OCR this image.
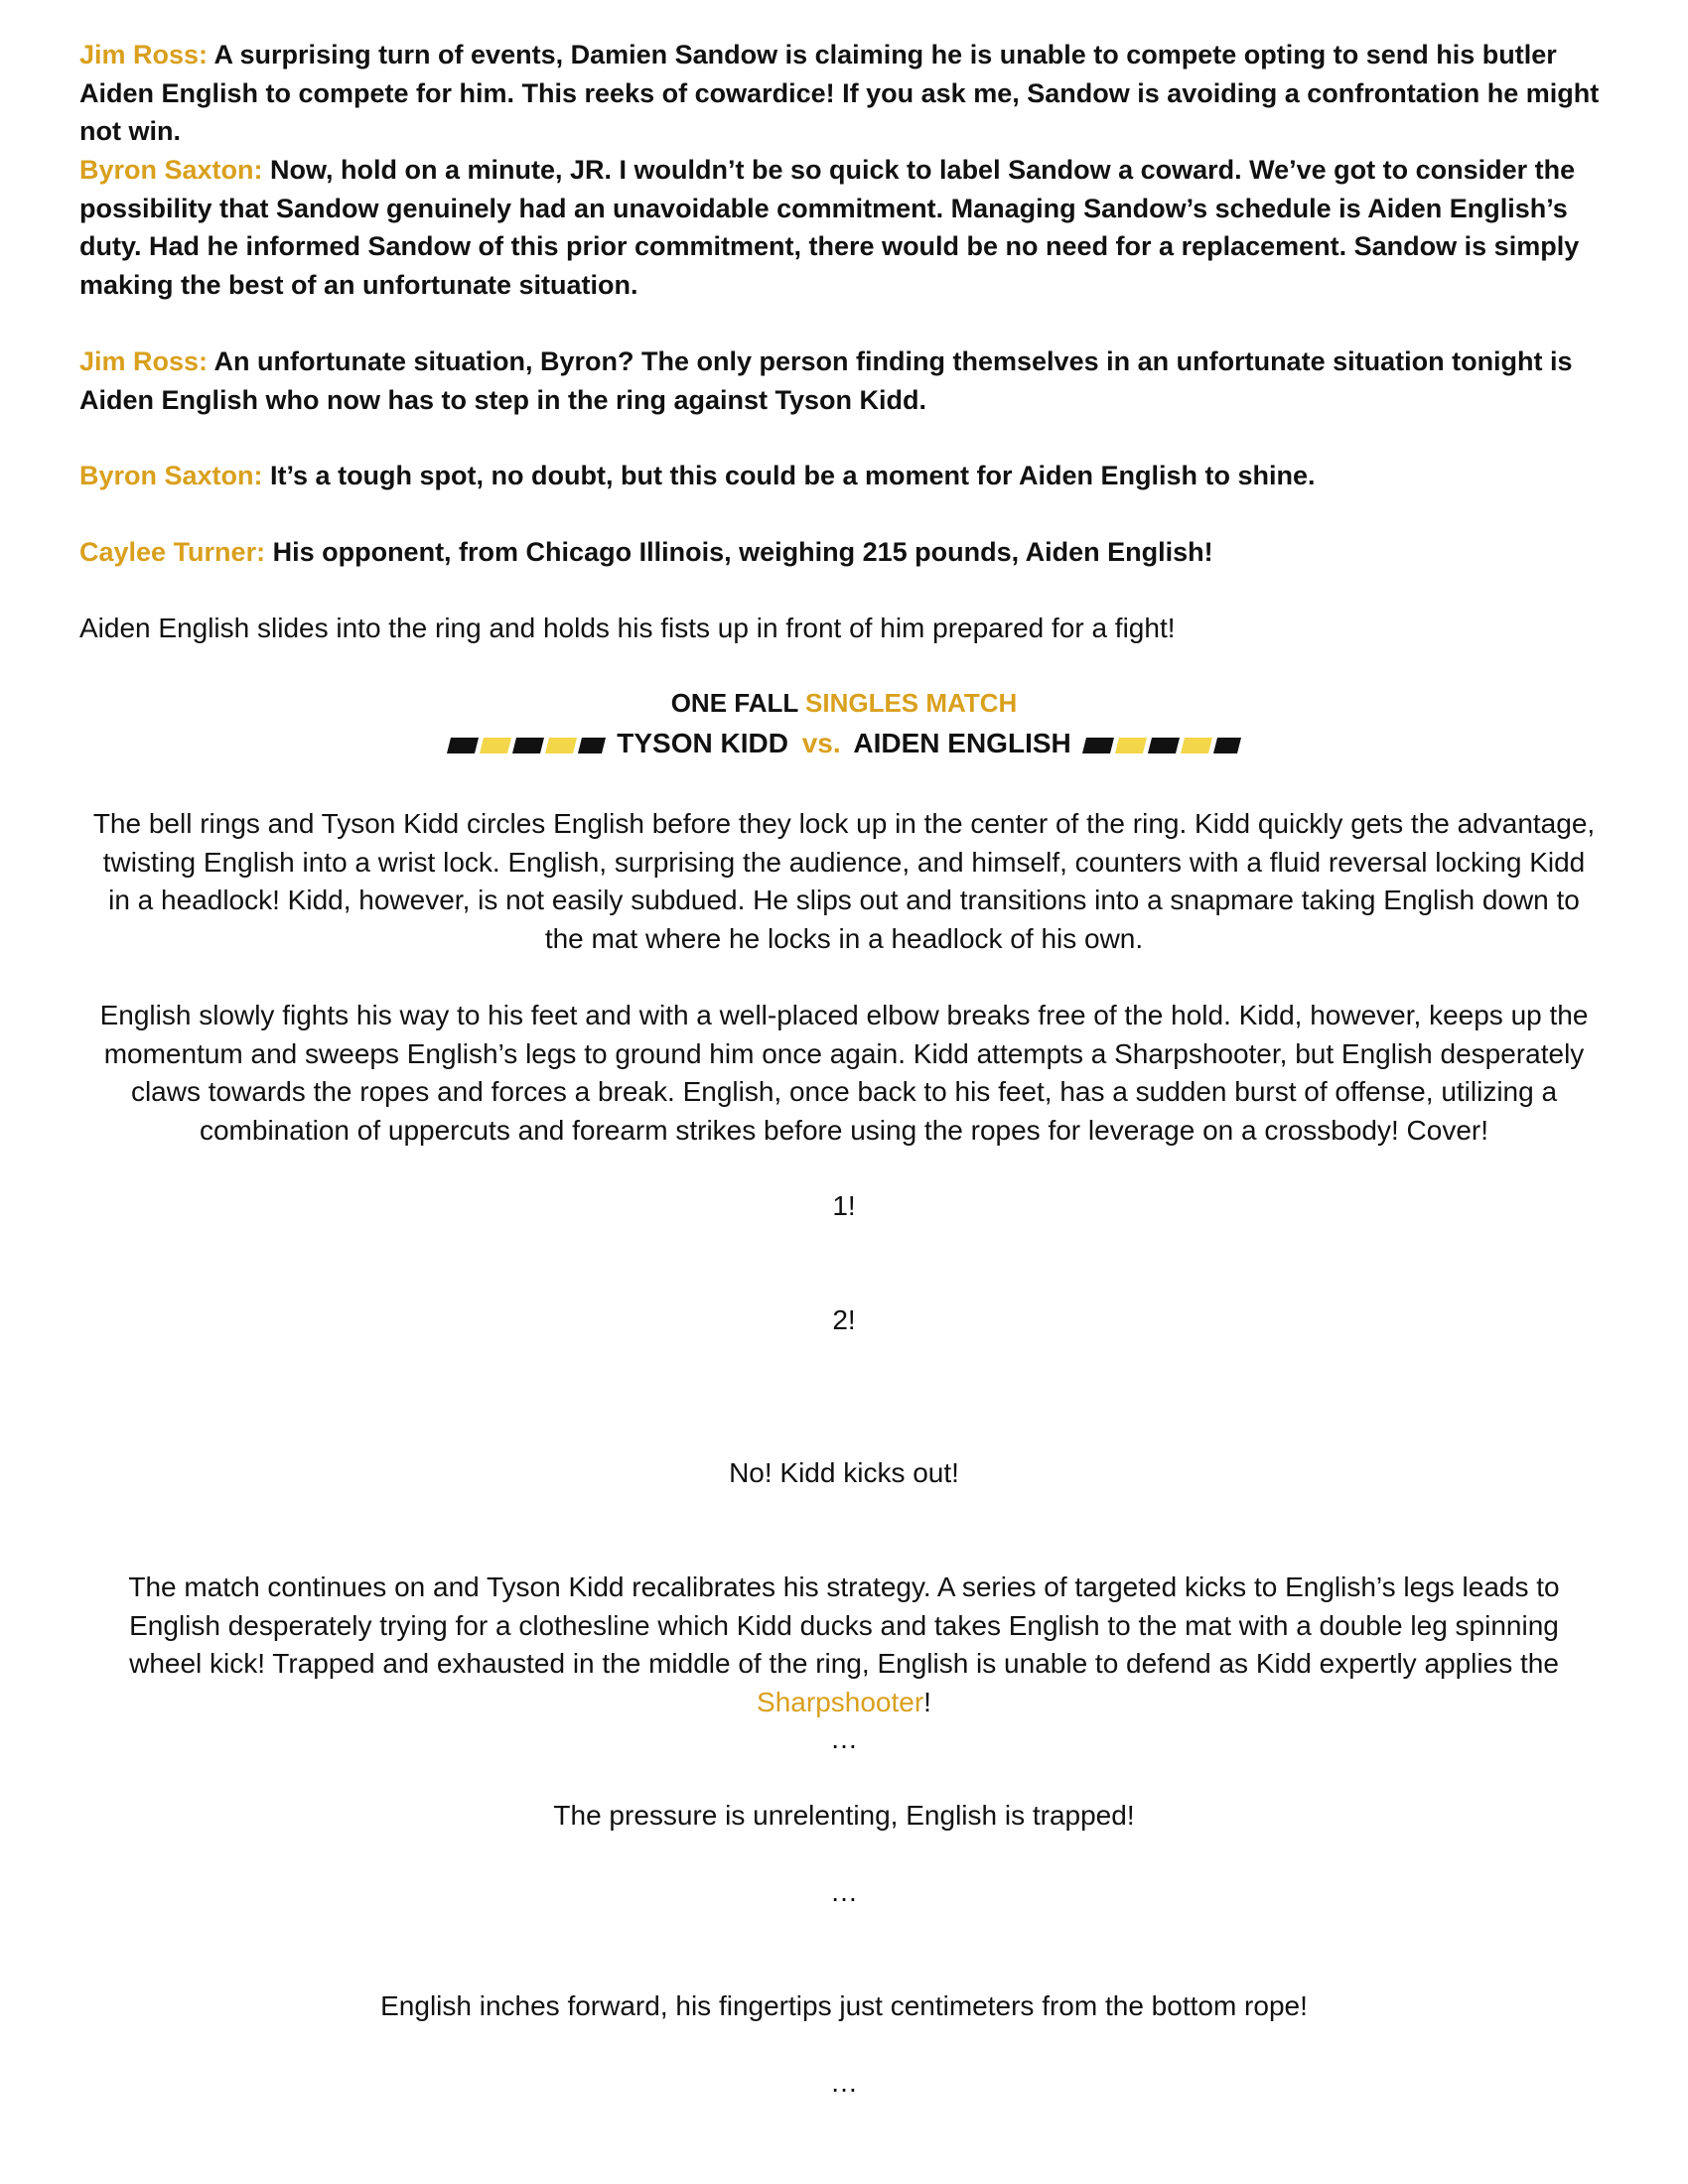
Jim Ross: A surprising turn of events, Damien Sandow is claiming he is unable to compete opting to send his butler Aiden English to compete for him. This reeks of cowardice! If you ask me, Sandow is avoiding a confrontation he might not win.

Byron Saxton: Now, hold on a minute, JR. I wouldn’t be so quick to label Sandow a coward. We’ve got to consider the possibility that Sandow genuinely had an unavoidable commitment. Managing Sandow’s schedule is Aiden English’s duty. Had he informed Sandow of this prior commitment, there would be no need for a replacement. Sandow is simply making the best of an unfortunate situation.

Jim Ross: An unfortunate situation, Byron? The only person finding themselves in an unfortunate situation tonight is Aiden English who now has to step in the ring against Tyson Kidd.

Byron Saxton: It’s a tough spot, no doubt, but this could be a moment for Aiden English to shine.

Caylee Turner: His opponent, from Chicago Illinois, weighing 215 pounds, Aiden English!

Aiden English slides into the ring and holds his fists up in front of him prepared for a fight!

ONE FALL SINGLES MATCH

TYSON KIDD vs. AIDEN ENGLISH

The bell rings and Tyson Kidd circles English before they lock up in the center of the ring. Kidd quickly gets the advantage, twisting English into a wrist lock. English, surprising the audience, and himself, counters with a fluid reversal locking Kidd in a headlock! Kidd, however, is not easily subdued. He slips out and transitions into a snapmare taking English down to the mat where he locks in a headlock of his own.

English slowly fights his way to his feet and with a well-placed elbow breaks free of the hold. Kidd, however, keeps up the momentum and sweeps English’s legs to ground him once again. Kidd attempts a Sharpshooter, but English desperately claws towards the ropes and forces a break. English, once back to his feet, has a sudden burst of offense, utilizing a combination of uppercuts and forearm strikes before using the ropes for leverage on a crossbody! Cover!

1!

2!

No! Kidd kicks out!

The match continues on and Tyson Kidd recalibrates his strategy. A series of targeted kicks to English’s legs leads to English desperately trying for a clothesline which Kidd ducks and takes English to the mat with a double leg spinning wheel kick! Trapped and exhausted in the middle of the ring, English is unable to defend as Kidd expertly applies the Sharpshooter!

…

The pressure is unrelenting, English is trapped!

…

English inches forward, his fingertips just centimeters from the bottom rope!

…
